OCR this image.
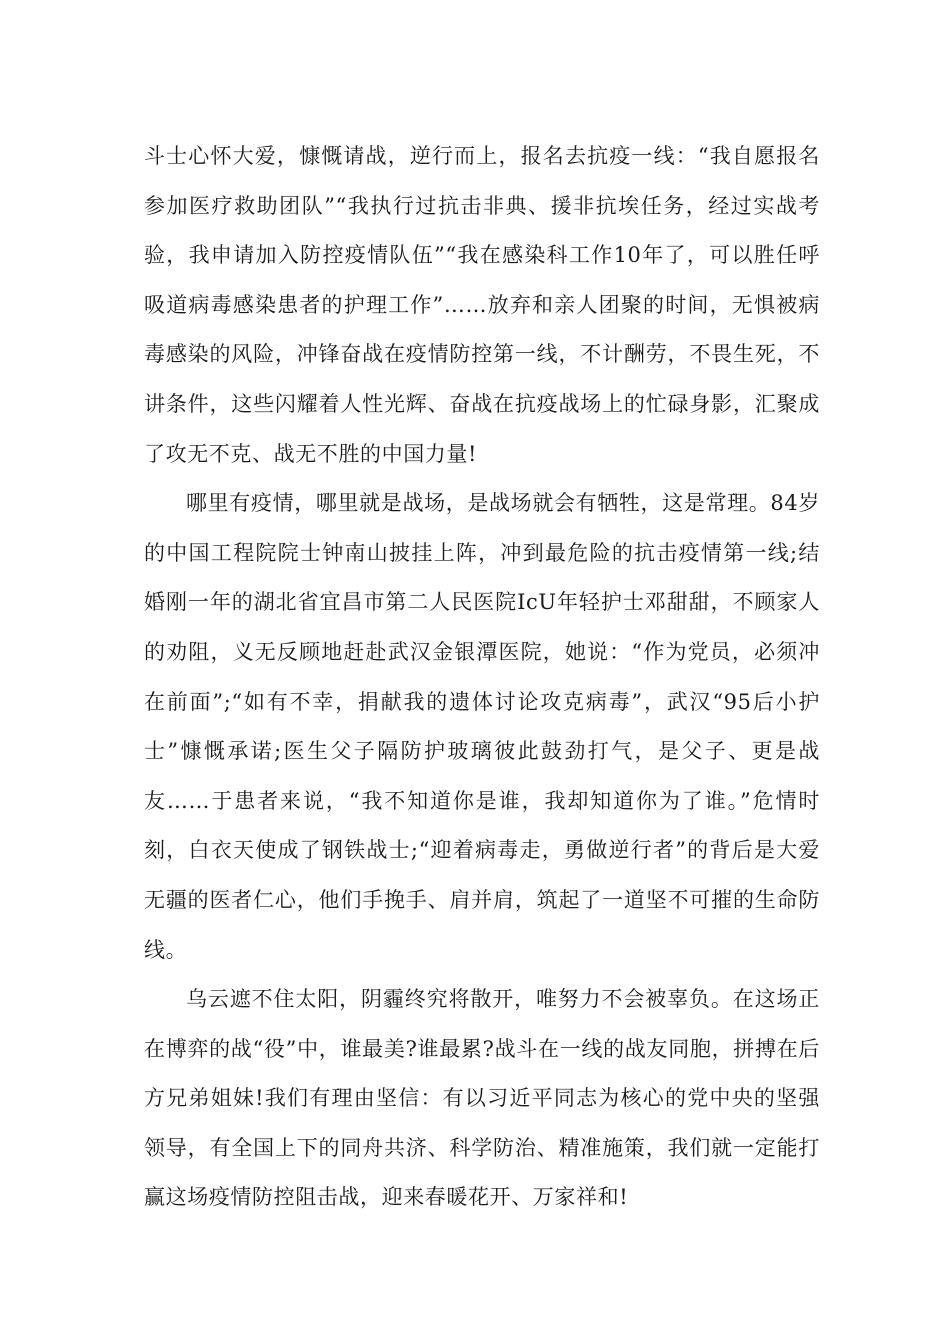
斗士心怀大爱，慷慨请战，逆行而上，报名去抗疫一线：“我自愿报名参加医疗救助团队”“我执行过抗击非典、援非抗埃任务，经过实战考验，我申请加入防控疫情队伍”“我在感染科工作10年了，可以胜任呼吸道病毒感染患者的护理工作”……放弃和亲人团聚的时间，无惧被病毒感染的风险，冲锋奋战在疫情防控第一线，不计酬劳，不畏生死，不讲条件，这些闪耀着人性光辉、奋战在抗疫战场上的忙碌身影，汇聚成了攻无不克、战无不胜的中国力量!

哪里有疫情，哪里就是战场，是战场就会有牺牲，这是常理。84岁的中国工程院院士钟南山披挂上阵，冲到最危险的抗击疫情第一线;结婚刚一年的湖北省宜昌市第二人民医院IcU年轻护士邓甜甜，不顾家人的劝阻，义无反顾地赶赴武汉金银潭医院，她说：“作为党员，必须冲在前面”;“如有不幸，捐献我的遗体讨论攻克病毒”，武汉“95后小护士”慷慨承诺;医生父子隔防护玻璃彼此鼓劲打气，是父子、更是战友……于患者来说，“我不知道你是谁，我却知道你为了谁。”危情时刻，白衣天使成了钢铁战士;“迎着病毒走，勇做逆行者”的背后是大爱无疆的医者仁心，他们手挽手、肩并肩，筑起了一道坚不可摧的生命防线。

乌云遮不住太阳，阴霾终究将散开，唯努力不会被辜负。在这场正在博弈的战“役”中，谁最美?谁最累?战斗在一线的战友同胞，拼搏在后方兄弟姐妹!我们有理由坚信：有以习近平同志为核心的党中央的坚强领导，有全国上下的同舟共济、科学防治、精准施策，我们就一定能打赢这场疫情防控阻击战，迎来春暖花开、万家祥和!
